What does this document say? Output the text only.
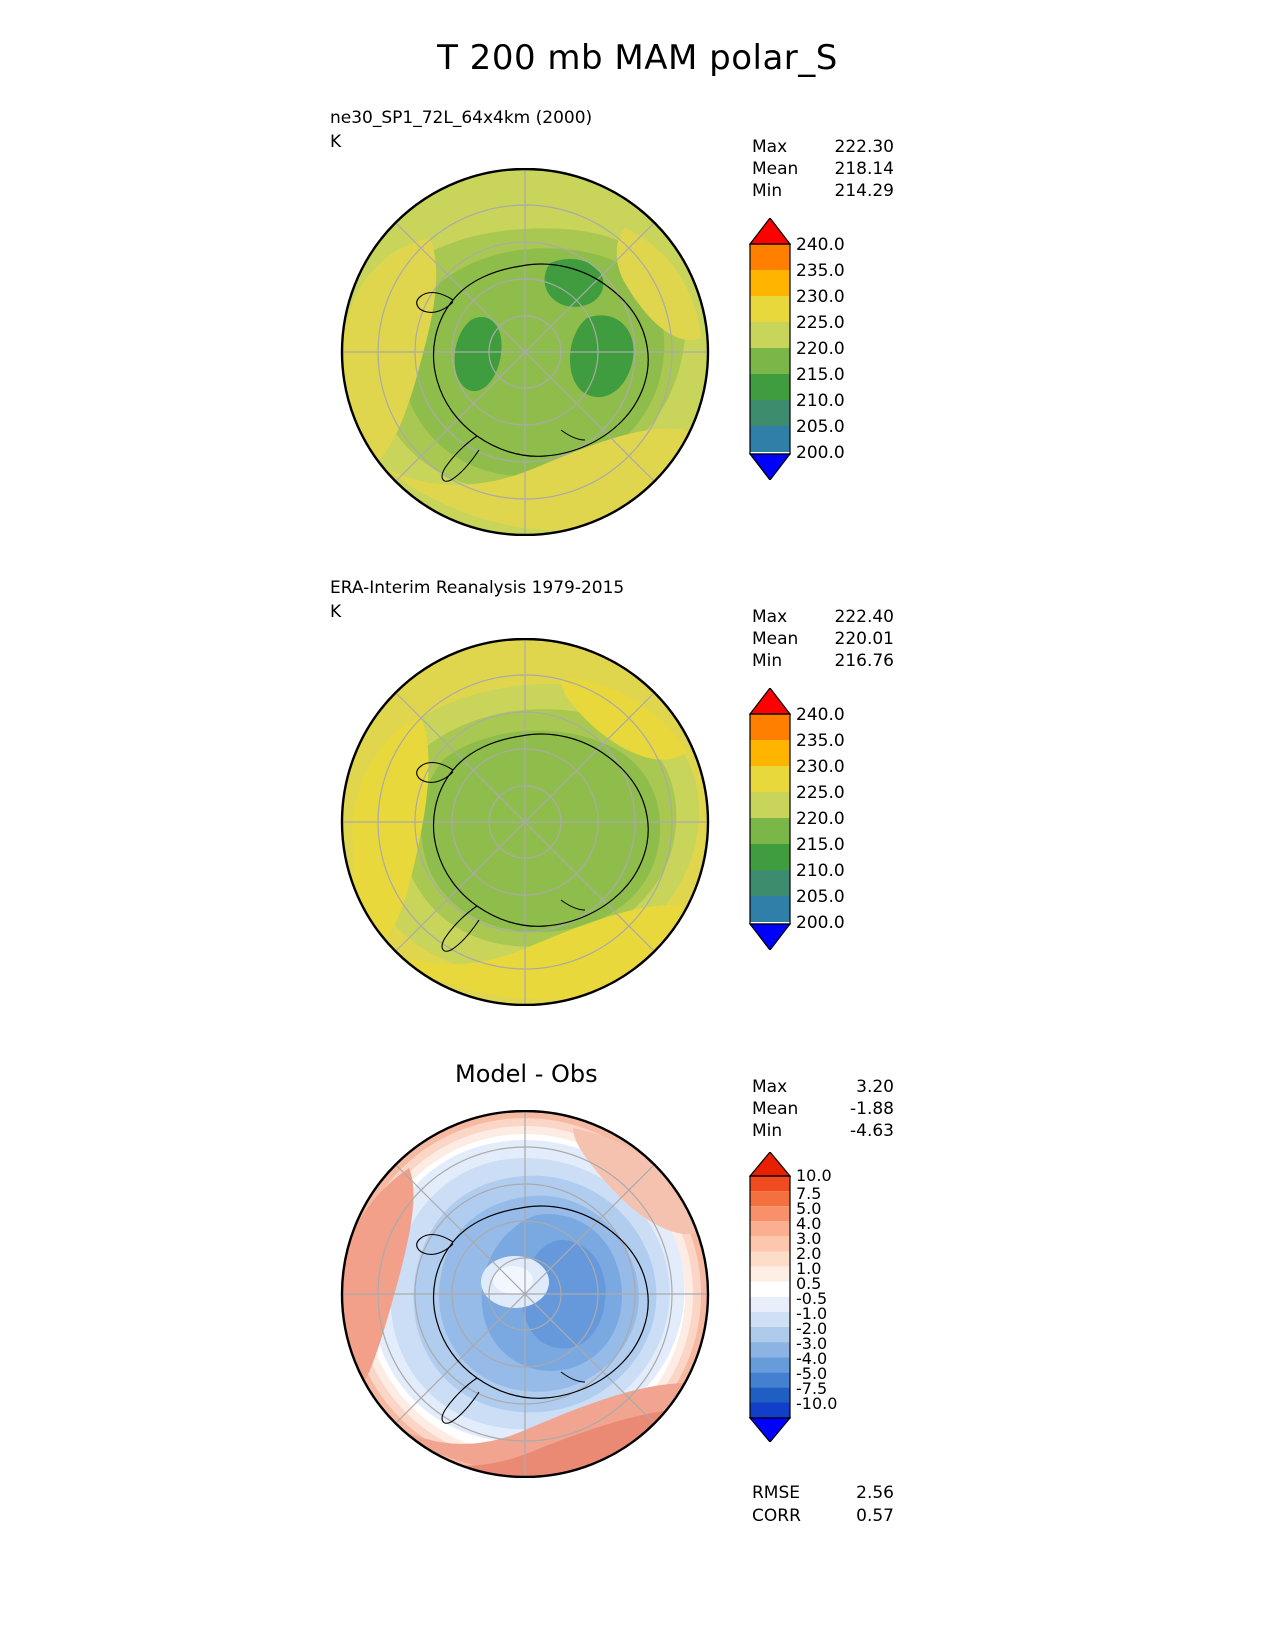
T 200 mb MAM polar_S
ne30_SP1_72L_64x4km (2000)
K	Max	222.30
Mean 218.14
Min	214.29
240.0
235.0
230.0
225.0
220.0
215.0
210.0
205.0
200.0
ERA-Interim Reanalysis 1979-2015
K	Max	222.40
Mean 220.01
Min	216.76
240.0
235.0
230.0
225.0
220.0
215.0
210.0
205.0
200.0
Model - Obs	Max	3.20
Mean	-1.88
Min	-4.63
10.0
7.5
5.0
4.0
3.0
2.0
1.0
0.5
-0.5
-1.0
-2.0
-3.0
-4.0
-5.0
-7.5
-10.0
RMSE	2.56
CORR	0.57
